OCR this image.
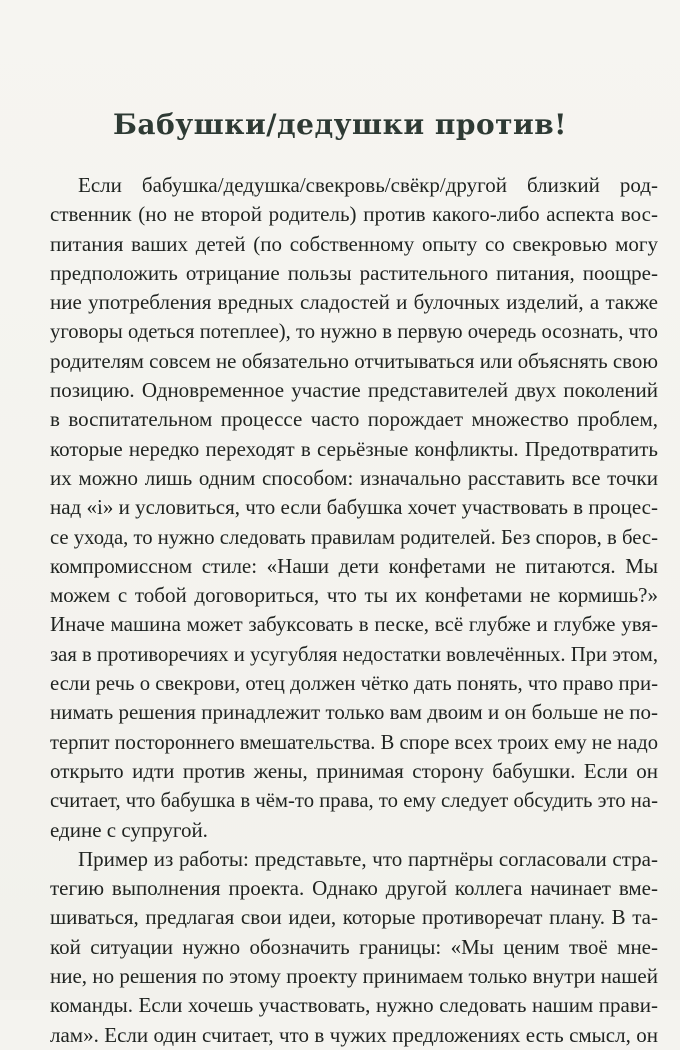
Бабушки/дедушки против!
Если бабушка/дедушка/свекровь/свёкр/другой близкий род-
ственник (но не второй родитель) против какого-либо аспекта вос-
питания ваших детей (по собственному опыту со свекровью могу
предположить отрицание пользы растительного питания, поощре-
ние употребления вредных сладостей и булочных изделий, а также
уговоры одеться потеплее), то нужно в первую очередь осознать, что
родителям совсем не обязательно отчитываться или объяснять свою
позицию. Одновременное участие представителей двух поколений
в воспитательном процессе часто порождает множество проблем,
которые нередко переходят в серьёзные конфликты. Предотвратить
их можно лишь одним способом: изначально расставить все точки
над «i» и условиться, что если бабушка хочет участвовать в процес-
се ухода, то нужно следовать правилам родителей. Без споров, в бес-
компромиссном стиле: «Наши дети конфетами не питаются. Мы
можем с тобой договориться, что ты их конфетами не кормишь?»
Иначе машина может забуксовать в песке, всё глубже и глубже увя-
зая в противоречиях и усугубляя недостатки вовлечённых. При этом,
если речь о свекрови, отец должен чётко дать понять, что право при-
нимать решения принадлежит только вам двоим и он больше не по-
терпит постороннего вмешательства. В споре всех троих ему не надо
открыто идти против жены, принимая сторону бабушки. Если он
считает, что бабушка в чём-то права, то ему следует обсудить это на-
едине с супругой.
Пример из работы: представьте, что партнёры согласовали стра-
тегию выполнения проекта. Однако другой коллега начинает вме-
шиваться, предлагая свои идеи, которые противоречат плану. В та-
кой ситуации нужно обозначить границы: «Мы ценим твоё мне-
ние, но решения по этому проекту принимаем только внутри нашей
команды. Если хочешь участвовать, нужно следовать нашим прави-
лам». Если один считает, что в чужих предложениях есть смысл, он
